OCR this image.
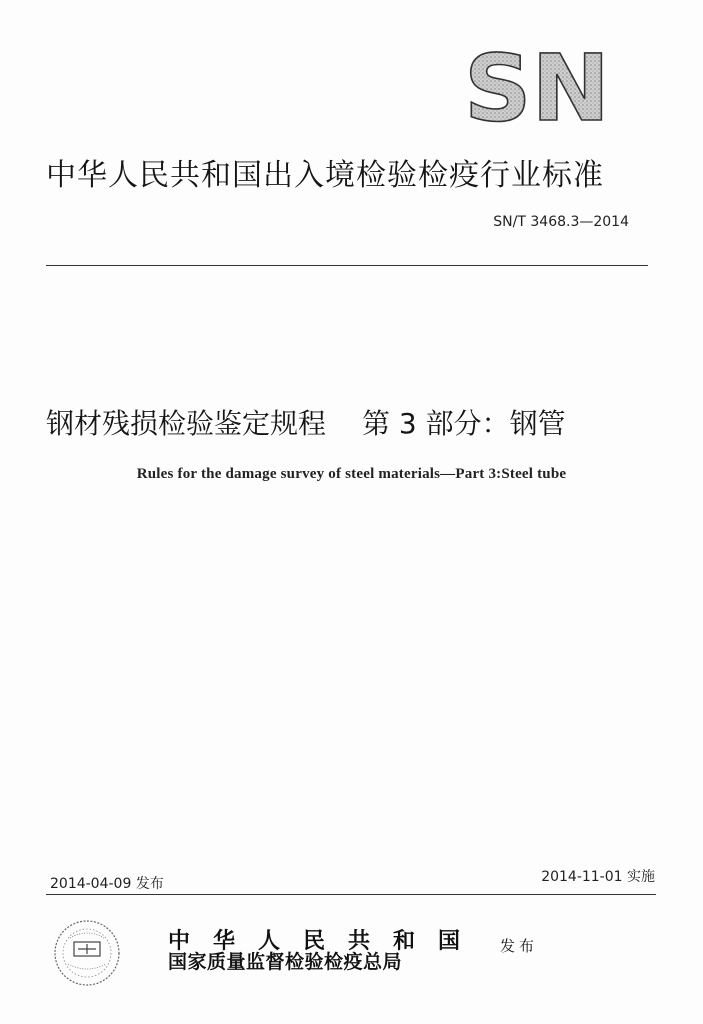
SN
中华人民共和国出入境检验检疫行业标准
SN/T 3468.3—2014
钢材残损检验鉴定规程 第 3 部分：钢管
Rules for the damage survey of steel materials—Part 3:Steel tube
2014-04-09 发布	2014-11-01 实施
中华人民共和国
国家质量监督检验检疫总局
发布
